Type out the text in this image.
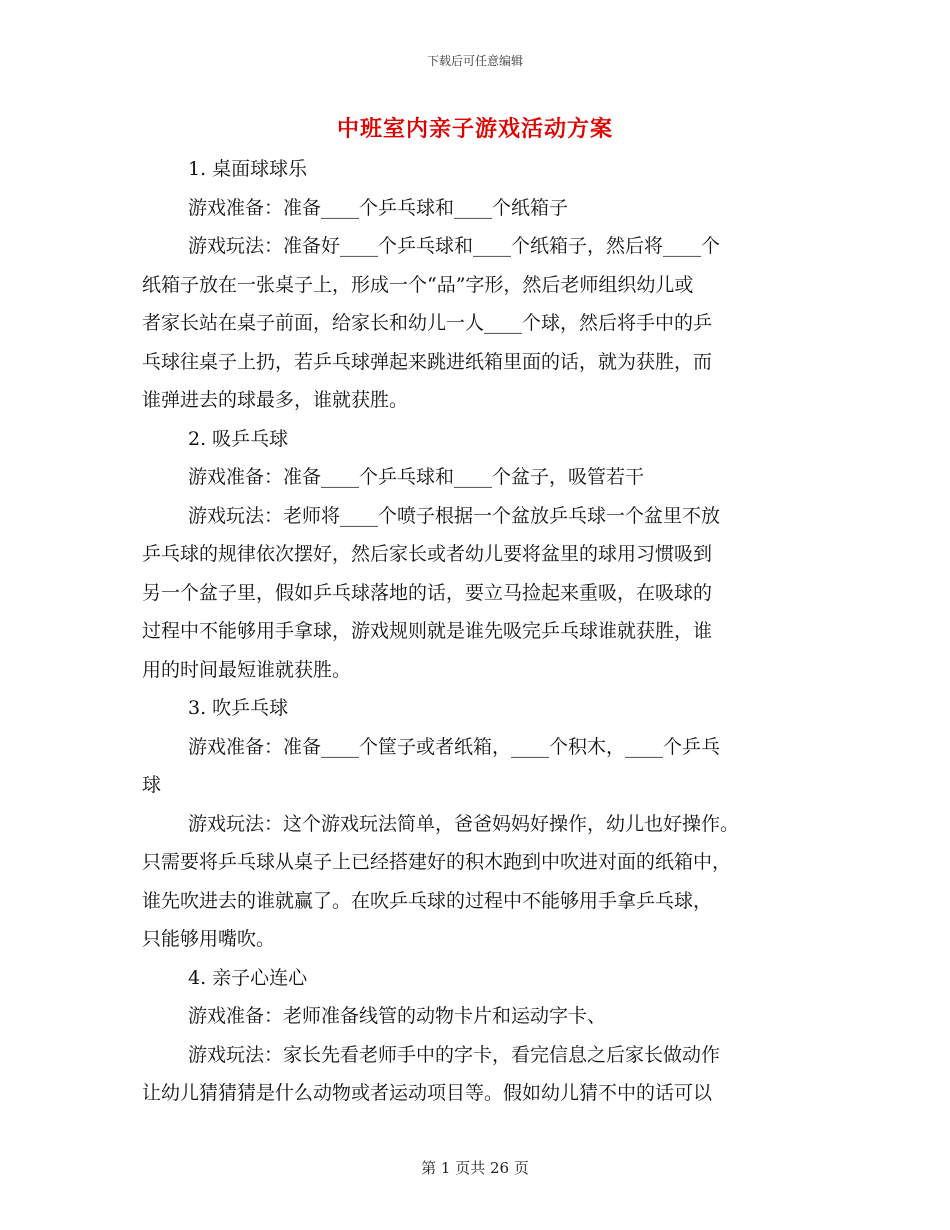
下载后可任意编辑
中班室内亲子游戏活动方案

1. 桌面球球乐

游戏准备：准备____个乒乓球和____个纸箱子

游戏玩法：准备好____个乒乓球和____个纸箱子，然后将____个

纸箱子放在一张桌子上，形成一个“品”字形，然后老师组织幼儿或

者家长站在桌子前面，给家长和幼儿一人____个球，然后将手中的乒

乓球往桌子上扔，若乒乓球弹起来跳进纸箱里面的话，就为获胜，而

谁弹进去的球最多，谁就获胜。

2. 吸乒乓球

游戏准备：准备____个乒乓球和____个盆子，吸管若干

游戏玩法：老师将____个喷子根据一个盆放乒乓球一个盆里不放

乒乓球的规律依次摆好，然后家长或者幼儿要将盆里的球用习惯吸到

另一个盆子里，假如乒乓球落地的话，要立马捡起来重吸，在吸球的

过程中不能够用手拿球，游戏规则就是谁先吸完乒乓球谁就获胜，谁

用的时间最短谁就获胜。

3. 吹乒乓球

游戏准备：准备____个筐子或者纸箱，____个积木，____个乒乓

球

游戏玩法：这个游戏玩法简单，爸爸妈妈好操作，幼儿也好操作。

只需要将乒乓球从桌子上已经搭建好的积木跑到中吹进对面的纸箱中，

谁先吹进去的谁就赢了。在吹乒乓球的过程中不能够用手拿乒乓球，

只能够用嘴吹。

4. 亲子心连心

游戏准备：老师准备线管的动物卡片和运动字卡、

游戏玩法：家长先看老师手中的字卡，看完信息之后家长做动作

让幼儿猜猜猜是什么动物或者运动项目等。假如幼儿猜不中的话可以

第 1 页共 26 页
